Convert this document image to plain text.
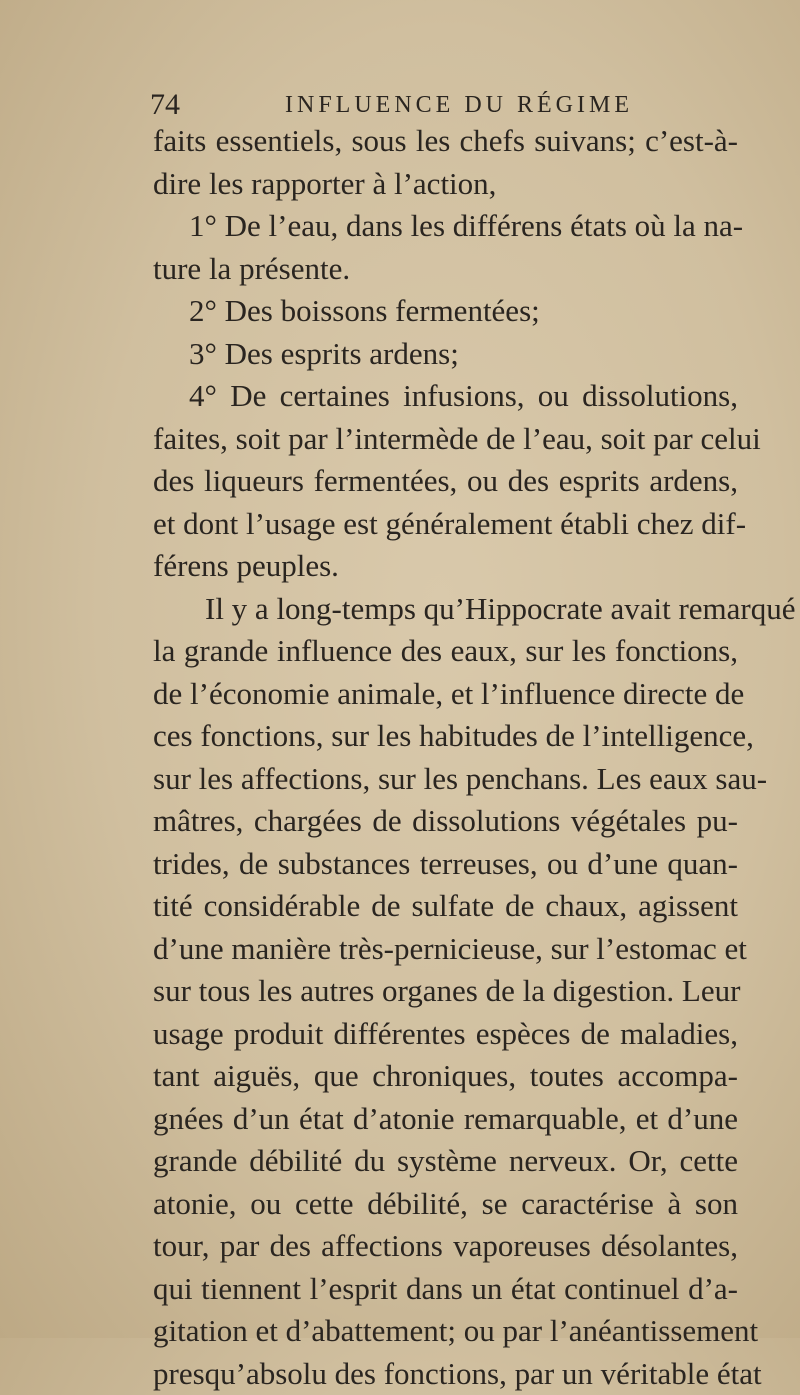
74	INFLUENCE DU RÉGIME
faits essentiels, sous les chefs suivans; c’est-à-
dire les rapporter à l’action,
1° De l’eau, dans les différens états où la na-
ture la présente.
2° Des boissons fermentées;
3° Des esprits ardens;
4° De certaines infusions, ou dissolutions,
faites, soit par l’intermède de l’eau, soit par celui
des liqueurs fermentées, ou des esprits ardens,
et dont l’usage est généralement établi chez dif-
férens peuples.
Il y a long-temps qu’Hippocrate avait remarqué
la grande influence des eaux, sur les fonctions,
de l’économie animale, et l’influence directe de
ces fonctions, sur les habitudes de l’intelligence,
sur les affections, sur les penchans. Les eaux sau-
mâtres, chargées de dissolutions végétales pu-
trides, de substances terreuses, ou d’une quan-
tité considérable de sulfate de chaux, agissent
d’une manière très-pernicieuse, sur l’estomac et
sur tous les autres organes de la digestion. Leur
usage produit différentes espèces de maladies,
tant aiguës, que chroniques, toutes accompa-
gnées d’un état d’atonie remarquable, et d’une
grande débilité du système nerveux. Or, cette
atonie, ou cette débilité, se caractérise à son
tour, par des affections vaporeuses désolantes,
qui tiennent l’esprit dans un état continuel d’a-
gitation et d’abattement; ou par l’anéantissement
presqu’absolu des fonctions, par un véritable état
